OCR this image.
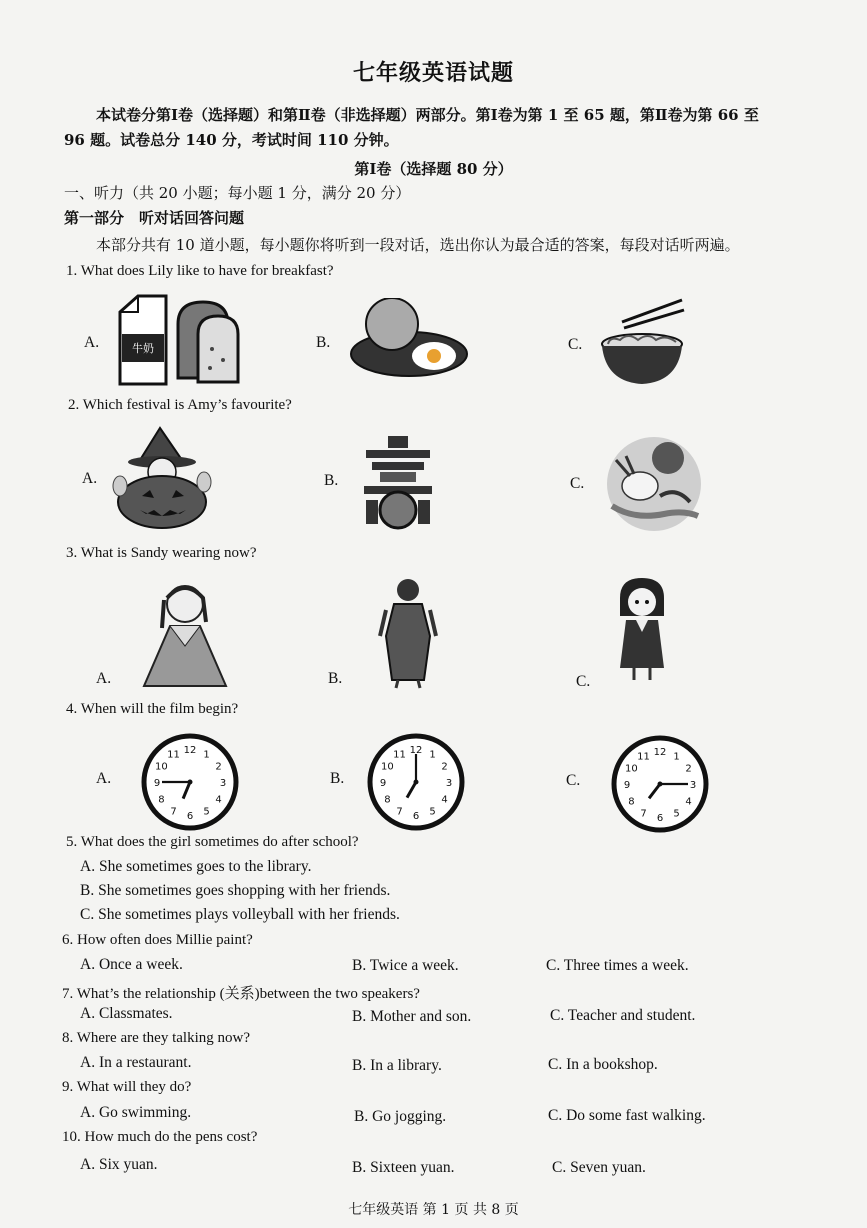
七年级英语试题
本试卷分第Ⅰ卷（选择题）和第Ⅱ卷（非选择题）两部分。第Ⅰ卷为第 1 至 65 题，第Ⅱ卷为第 66 至
96 题。试卷总分 140 分，考试时间 110 分钟。
第Ⅰ卷（选择题 80 分）
一、听力（共 20 小题；每小题 1 分，满分 20 分）
第一部分　听对话回答问题
本部分共有 10 道小题，每小题你将听到一段对话，选出你认为最合适的答案，每段对话听两遍。
1. What does Lily like to have for breakfast?
A.	牛奶	B.	C.
2. Which festival is Amy’s favourite?
A.	B.	C.
3. What is Sandy wearing now?
A.	B.	C.
4. When will the film begin?
A.
12 1
2
3
4
5
6
7
8
9
10
11
B.
12 1
2
3
4
5
6
7
8
9
10
11
C.
12 1
2
3
4
5
6
7
8
9
10
11
5. What does the girl sometimes do after school?
A. She sometimes goes to the library.
B. She sometimes goes shopping with her friends.
C. She sometimes plays volleyball with her friends.
6. How often does Millie paint?
A. Once a week.	B. Twice a week.	C. Three times a week.
7. What’s the relationship (关系)between the two speakers?
A. Classmates.	B. Mother and son.	C. Teacher and student.
8. Where are they talking now?
A. In a restaurant.	B. In a library.	C. In a bookshop.
9. What will they do?
A. Go swimming.	B. Go jogging.	C. Do some fast walking.
10. How much do the pens cost?
A. Six yuan.	B. Sixteen yuan.	C. Seven yuan.
七年级英语 第 1 页 共 8 页
